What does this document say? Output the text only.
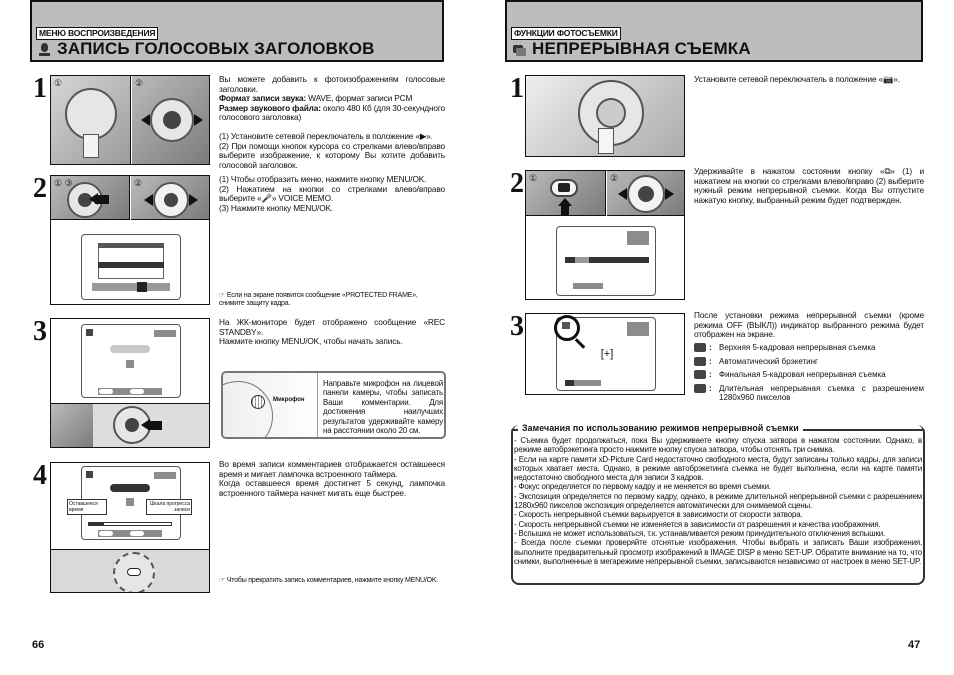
МЕНЮ ВОСПРОИЗВЕДЕНИЯ
ЗАПИСЬ ГОЛОСОВЫХ ЗАГОЛОВКОВ
1 ①	②	Вы можете добавить к фотоизображениям голосовые заголовки.
Формат записи звука: WAVE, формат записи PCM
Размер звукового файла: около 480 Кб (для 30-секундного голосового заголовка)
(1) Установите сетевой переключатель в положение «▶».
(2) При помощи кнопок курсора со стрелками влево/вправо выберите изображение, к которому Вы хотите добавить голосовой заголовок.
2 ① ③	②	(1) Чтобы отобразить меню, нажмите кнопку MENU/OK.
(2) Нажатием на кнопки со стрелками влево/вправо выберите «🎤» VOICE MEMO.
(3) Нажмите кнопку MENU/OK.
☞ Если на экране появится сообщение «PROTECTED FRAME», снимите защиту кадра.
3	На ЖК-мониторе будет отображено сообщение «REC STANDBY».
Нажмите кнопку MENU/OK, чтобы начать запись.
Микрофон
Направьте микрофон на лицевой панели камеры, чтобы записать Ваши комментарии. Для достижения наилучших результатов удерживайте камеру на расстоянии около 20 см.
4
Оставшееся время
Шкала прогресса записи
Во время записи комментариев отображается оставшееся время и мигает лампочка встроенного таймера.
Когда оставшееся время достигнет 5 секунд, лампочка встроенного таймера начнет мигать еще быстрее.
☞ Чтобы прекратить запись комментариев, нажмите кнопку MENU/OK.
66
ФУНКЦИИ ФОТОСЪЕМКИ
НЕПРЕРЫВНАЯ СЪЕМКА
1	Установите сетевой переключатель в положение «📷».
2 ①	②
Удерживайте в нажатом состоянии кнопку «⧉» (1) и нажатием на кнопки со стрелками влево/вправо (2) выберите нужный режим непрерывной съемки. Когда Вы отпустите нажатую кнопку, выбранный режим будет подтвержден.
3
[+]
После установки режима непрерывной съемки (кроме режима OFF (ВЫКЛ)) индикатор выбранного режима будет отображен на экране.
: Верхняя 5-кадровая непрерывная съемка
: Автоматический брэкетинг
: Финальная 5-кадровая непрерывная съемка
: Длительная непрерывная съемка с разрешением 1280x960 пикселов
Замечания по использованию режимов непрерывной съемки
- Съемка будет продолжаться, пока Вы удерживаете кнопку спуска затвора в нажатом состоянии. Однако, в режиме автобрэкетинга просто нажмите кнопку спуска затвора, чтобы отснять три снимка.
- Если на карте памяти xD-Picture Card недостаточно свободного места, будут записаны только кадры, для записи которых хватает места. Однако, в режиме автобрэкетинга съемка не будет выполнена, если на карте памяти недостаточно свободного места для записи 3 кадров.
- Фокус определяется по первому кадру и не меняется во время съемки.
- Экспозиция определяется по первому кадру, однако, в режиме длительной непрерывной съемки с разрешением 1280x960 пикселов экспозиция определяется автоматически для снимаемой сцены.
- Скорость непрерывной съемки варьируется в зависимости от скорости затвора.
- Скорость непрерывной съемки не изменяется в зависимости от разрешения и качества изображения.
- Вспышка не может использоваться, т.к. устанавливается режим принудительного отключения вспышки.
- Всегда после съемки проверяйте отснятые изображения. Чтобы выбрать и записать Ваши изображения, выполните предварительный просмотр изображений в IMAGE DISP в меню SET-UP. Обратите внимание на то, что снимки, выполненные в мегарежиме непрерывной съемки, записываются независимо от настроек в меню SET-UP.
47
